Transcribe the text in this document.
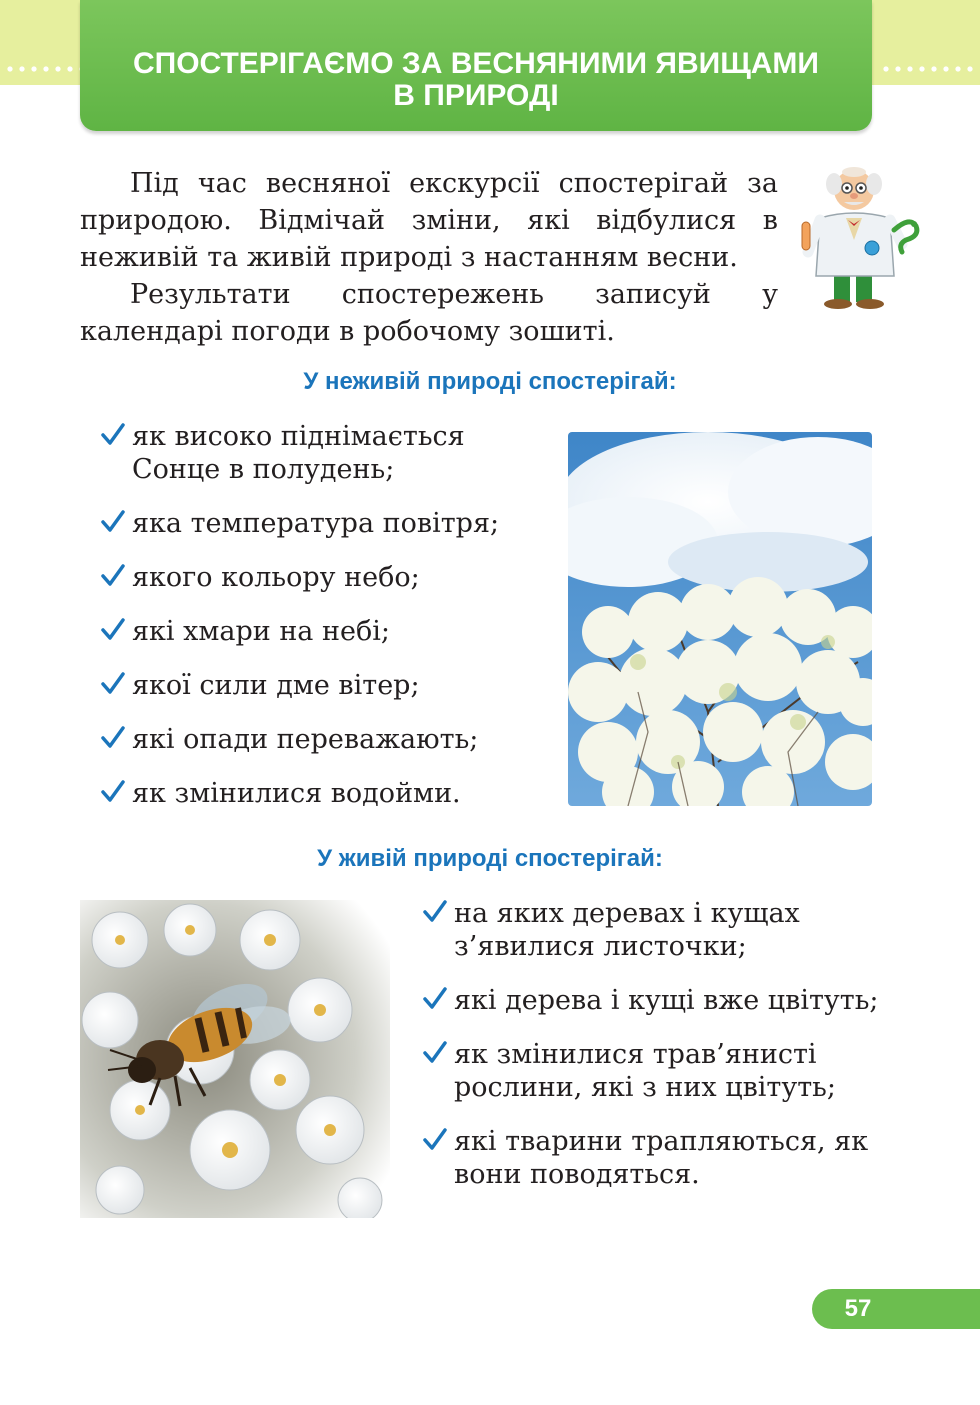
СПОСТЕРІГАЄМО ЗА ВЕСНЯНИМИ ЯВИЩАМИ
В ПРИРОДІ

Під час весняної екскурсії спостерігай за природою. Відмічай зміни, які відбулися в неживій та живій природі з настанням весни.

Результати спостережень записуй у календарі погоди в робочому зошиті.

У неживій природі спостерігай:
як високо піднімається Сонце в полудень;
яка температура повітря;
якого кольору небо;
які хмари на небі;
якої сили дме вітер;
які опади переважають;
як змінилися водойми.
У живій природі спостерігай:
на яких деревах і кущах з’явилися листочки;
які дерева і кущі вже цвітуть;
як змінилися трав’янисті рослини, які з них цвітуть;
які тварини трапляються, як вони поводяться.
57
